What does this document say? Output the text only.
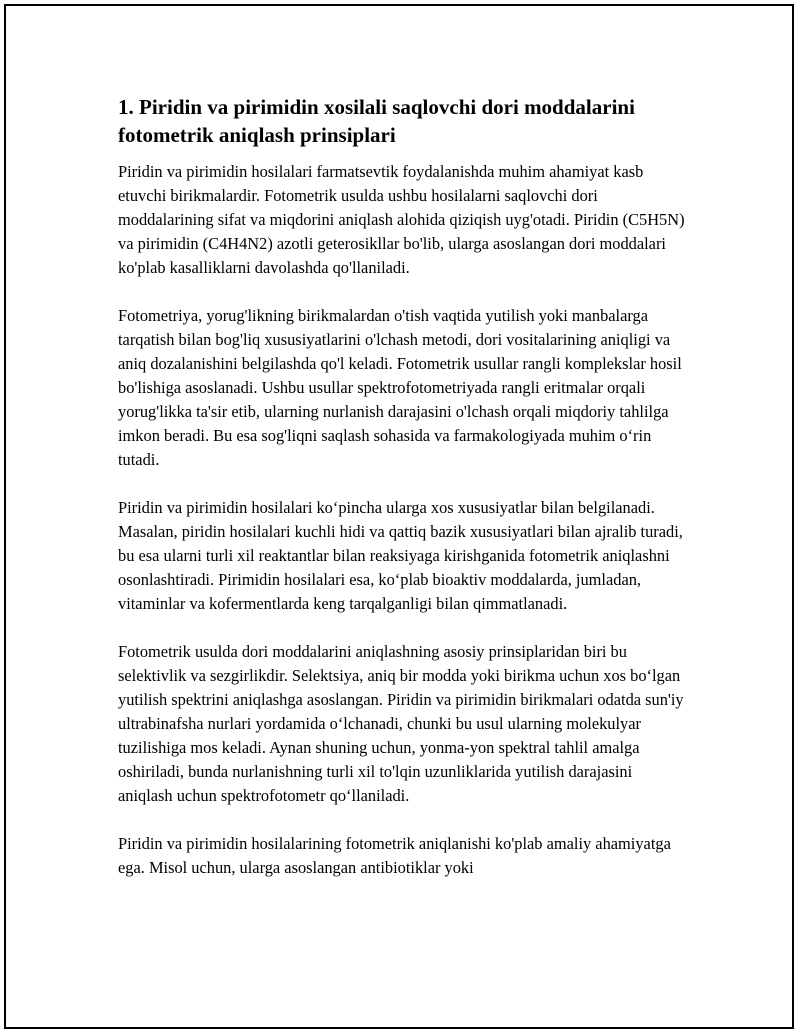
1. Piridin va pirimidin xosilali saqlovchi dori moddalarini fotometrik aniqlash prinsiplari

Piridin va pirimidin hosilalari farmatsevtik foydalanishda muhim ahamiyat kasb etuvchi birikmalardir. Fotometrik usulda ushbu hosilalarni saqlovchi dori moddalarining sifat va miqdorini aniqlash alohida qiziqish uyg'otadi. Piridin (C5H5N) va pirimidin (C4H4N2) azotli geterosikllar bo'lib, ularga asoslangan dori moddalari ko'plab kasalliklarni davolashda qo'llaniladi.

Fotometriya, yorug'likning birikmalardan o'tish vaqtida yutilish yoki manbalarga tarqatish bilan bog'liq xususiyatlarini o'lchash metodi, dori vositalarining aniqligi va aniq dozalanishini belgilashda qo'l keladi. Fotometrik usullar rangli komplekslar hosil bo'lishiga asoslanadi. Ushbu usullar spektrofotometriyada rangli eritmalar orqali yorug'likka ta'sir etib, ularning nurlanish darajasini o'lchash orqali miqdoriy tahlilga imkon beradi. Bu esa sog'liqni saqlash sohasida va farmakologiyada muhim o‘rin tutadi.

Piridin va pirimidin hosilalari ko‘pincha ularga xos xususiyatlar bilan belgilanadi. Masalan, piridin hosilalari kuchli hidi va qattiq bazik xususiyatlari bilan ajralib turadi, bu esa ularni turli xil reaktantlar bilan reaksiyaga kirishganida fotometrik aniqlashni osonlashtiradi. Pirimidin hosilalari esa, ko‘plab bioaktiv moddalarda, jumladan, vitaminlar va kofermentlarda keng tarqalganligi bilan qimmatlanadi.

Fotometrik usulda dori moddalarini aniqlashning asosiy prinsiplaridan biri bu selektivlik va sezgirlikdir. Selektsiya, aniq bir modda yoki birikma uchun xos bo‘lgan yutilish spektrini aniqlashga asoslangan. Piridin va pirimidin birikmalari odatda sun'iy ultrabinafsha nurlari yordamida o‘lchanadi, chunki bu usul ularning molekulyar tuzilishiga mos keladi. Aynan shuning uchun, yonma-yon spektral tahlil amalga oshiriladi, bunda nurlanishning turli xil to'lqin uzunliklarida yutilish darajasini aniqlash uchun spektrofotometr qo‘llaniladi.

Piridin va pirimidin hosilalarining fotometrik aniqlanishi ko'plab amaliy ahamiyatga ega. Misol uchun, ularga asoslangan antibiotiklar yoki
